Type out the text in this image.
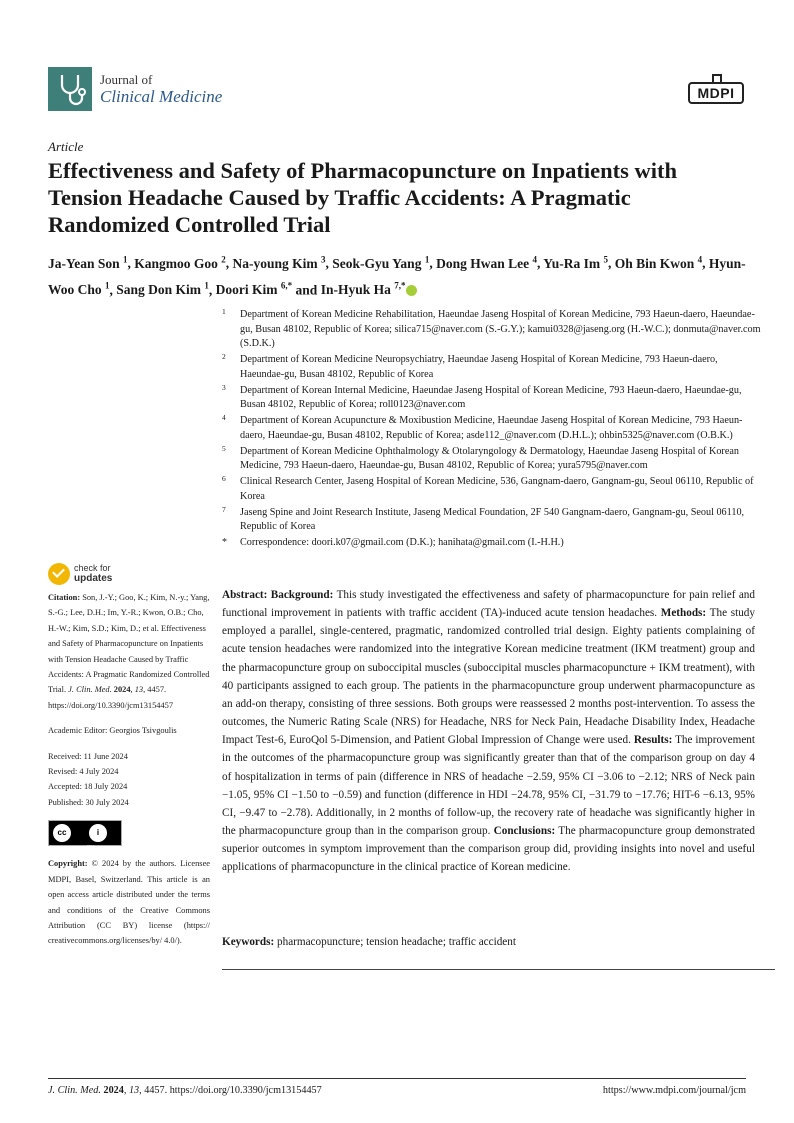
Journal of
Clinical Medicine	MDPI
Article
Effectiveness and Safety of Pharmacopuncture on Inpatients with Tension Headache Caused by Traffic Accidents: A Pragmatic Randomized Controlled Trial
Ja-Yean Son $^1$, Kangmoo Goo $^2$, Na-young Kim $^3$, Seok-Gyu Yang $^1$, Dong Hwan Lee $^4$, Yu-Ra Im $^5$, Oh Bin Kwon $^4$, Hyun-Woo Cho $^1$, Sang Don Kim $^1$, Doori Kim $^{6,*}$ and In-Hyuk Ha $^{7,*}$
1 Department of Korean Medicine Rehabilitation, Haeundae Jaseng Hospital of Korean Medicine, 793 Haeun-daero, Haeundae-gu, Busan 48102, Republic of Korea; silica715@naver.com (S.-G.Y.); kamui0328@jaseng.org (H.-W.C.); donmuta@naver.com (S.D.K.)
2 Department of Korean Medicine Neuropsychiatry, Haeundae Jaseng Hospital of Korean Medicine, 793 Haeun-daero, Haeundae-gu, Busan 48102, Republic of Korea
3 Department of Korean Internal Medicine, Haeundae Jaseng Hospital of Korean Medicine, 793 Haeun-daero, Haeundae-gu, Busan 48102, Republic of Korea; roll0123@naver.com
4 Department of Korean Acupuncture & Moxibustion Medicine, Haeundae Jaseng Hospital of Korean Medicine, 793 Haeun-daero, Haeundae-gu, Busan 48102, Republic of Korea; asde112_@naver.com (D.H.L.); ohbin5325@naver.com (O.B.K.)
5 Department of Korean Medicine Ophthalmology & Otolaryngology & Dermatology, Haeundae Jaseng Hospital of Korean Medicine, 793 Haeun-daero, Haeundae-gu, Busan 48102, Republic of Korea; yura5795@naver.com
6 Clinical Research Center, Jaseng Hospital of Korean Medicine, 536, Gangnam-daero, Gangnam-gu, Seoul 06110, Republic of Korea
7 Jaseng Spine and Joint Research Institute, Jaseng Medical Foundation, 2F 540 Gangnam-daero, Gangnam-gu, Seoul 06110, Republic of Korea
* Correspondence: doori.k07@gmail.com (D.K.); hanihata@gmail.com (I.-H.H.)
check for
updates
Citation: Son, J.-Y.; Goo, K.; Kim, N.-y.; Yang, S.-G.; Lee, D.H.; Im, Y.-R.; Kwon, O.B.; Cho, H.-W.; Kim, S.D.; Kim, D.; et al. Effectiveness and Safety of Pharmacopuncture on Inpatients with Tension Headache Caused by Traffic Accidents: A Pragmatic Randomized Controlled Trial. J. Clin. Med. 2024, 13, 4457. https://doi.org/10.3390/jcm13154457
Academic Editor: Georgios Tsivgoulis
Received: 11 June 2024
Revised: 4 July 2024
Accepted: 18 July 2024
Published: 30 July 2024
cc	i
BY
Copyright: © 2024 by the authors. Licensee MDPI, Basel, Switzerland. This article is an open access article distributed under the terms and conditions of the Creative Commons Attribution (CC BY) license (https:// creativecommons.org/licenses/by/ 4.0/).
Abstract: Background: This study investigated the effectiveness and safety of pharmacopuncture for pain relief and functional improvement in patients with traffic accident (TA)-induced acute tension headaches. Methods: The study employed a parallel, single-centered, pragmatic, randomized controlled trial design. Eighty patients complaining of acute tension headaches were randomized into the integrative Korean medicine treatment (IKM treatment) group and the pharmacopuncture group on suboccipital muscles (suboccipital muscles pharmacopuncture + IKM treatment), with 40 participants assigned to each group. The patients in the pharmacopuncture group underwent pharmacopuncture as an add-on therapy, consisting of three sessions. Both groups were reassessed 2 months post-intervention. To assess the outcomes, the Numeric Rating Scale (NRS) for Headache, NRS for Neck Pain, Headache Disability Index, Headache Impact Test-6, EuroQol 5-Dimension, and Patient Global Impression of Change were used. Results: The improvement in the outcomes of the pharmacopuncture group was significantly greater than that of the comparison group on day 4 of hospitalization in terms of pain (difference in NRS of headache −2.59, 95% CI −3.06 to −2.12; NRS of Neck pain −1.05, 95% CI −1.50 to −0.59) and function (difference in HDI −24.78, 95% CI, −31.79 to −17.76; HIT-6 −6.13, 95% CI, −9.47 to −2.78). Additionally, in 2 months of follow-up, the recovery rate of headache was significantly higher in the pharmacopuncture group than in the comparison group. Conclusions: The pharmacopuncture group demonstrated superior outcomes in symptom improvement than the comparison group did, providing insights into novel and useful applications of pharmacopuncture in the clinical practice of Korean medicine.
Keywords: pharmacopuncture; tension headache; traffic accident
J. Clin. Med. 2024, 13, 4457. https://doi.org/10.3390/jcm13154457	https://www.mdpi.com/journal/jcm
